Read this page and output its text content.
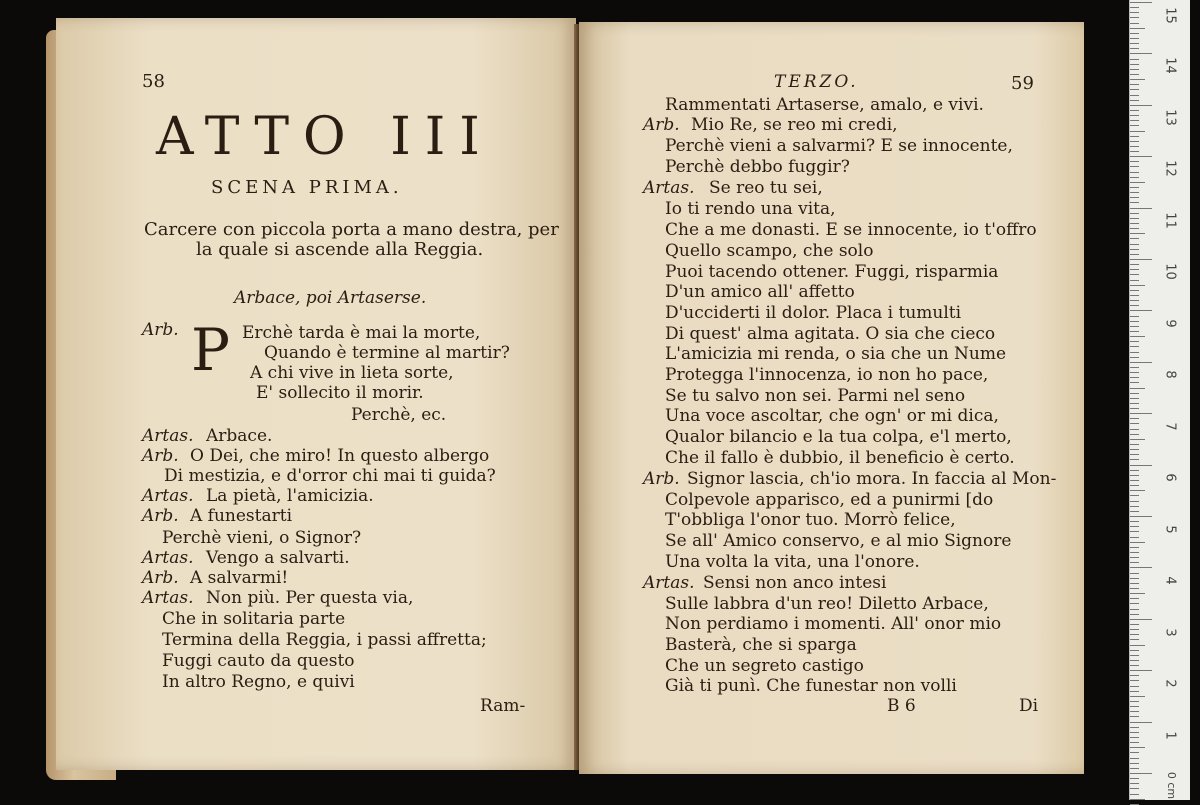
58
ATTO III
SCENA PRIMA.
Carcere con piccola porta a mano destra, per
la quale si ascende alla Reggia.
Arbace, poi Artaserse.
P
Arb.	Erchè tarda è mai la morte,
Quando è termine al martir?
A chi vive in lieta sorte,
E' sollecito il morir.
Perchè, ec.
Artas. Arbace.
Arb. O Dei, che miro! In questo albergo
Di mestizia, e d'orror chi mai ti guida?
Artas. La pietà, l'amicizia.
Arb. A funestarti
Perchè vieni, o Signor?
Artas. Vengo a salvarti.
Arb. A salvarmi!
Artas. Non più. Per questa via,
Che in solitaria parte
Termina della Reggia, i passi affretta;
Fuggi cauto da questo
In altro Regno, e quivi
Ram-
TERZO.	59
Rammentati Artaserse, amalo, e vivi.
Arb. Mio Re, se reo mi credi,
Perchè vieni a salvarmi? E se innocente,
Perchè debbo fuggir?
Artas. Se reo tu sei,
Io ti rendo una vita,
Che a me donasti. E se innocente, io t'offro
Quello scampo, che solo
Puoi tacendo ottener. Fuggi, risparmia
D'un amico all' affetto
D'ucciderti il dolor. Placa i tumulti
Di quest' alma agitata. O sia che cieco
L'amicizia mi renda, o sia che un Nume
Protegga l'innocenza, io non ho pace,
Se tu salvo non sei. Parmi nel seno
Una voce ascoltar, che ogn' or mi dica,
Qualor bilancio e la tua colpa, e'l merto,
Che il fallo è dubbio, il beneficio è certo.
Arb. Signor lascia, ch'io mora. In faccia al Mon-
Colpevole apparisco, ed a punirmi [do
T'obbliga l'onor tuo. Morrò felice,
Se all' Amico conservo, e al mio Signore
Una volta la vita, una l'onore.
Artas. Sensi non anco intesi
Sulle labbra d'un reo! Diletto Arbace,
Non perdiamo i momenti. All' onor mio
Basterà, che si sparga
Che un segreto castigo
Già ti punì. Che funestar non volli
B 6	Di
15
14
13
12
11
10
9
8
7
6
5
4
3
2
1
0 cm
